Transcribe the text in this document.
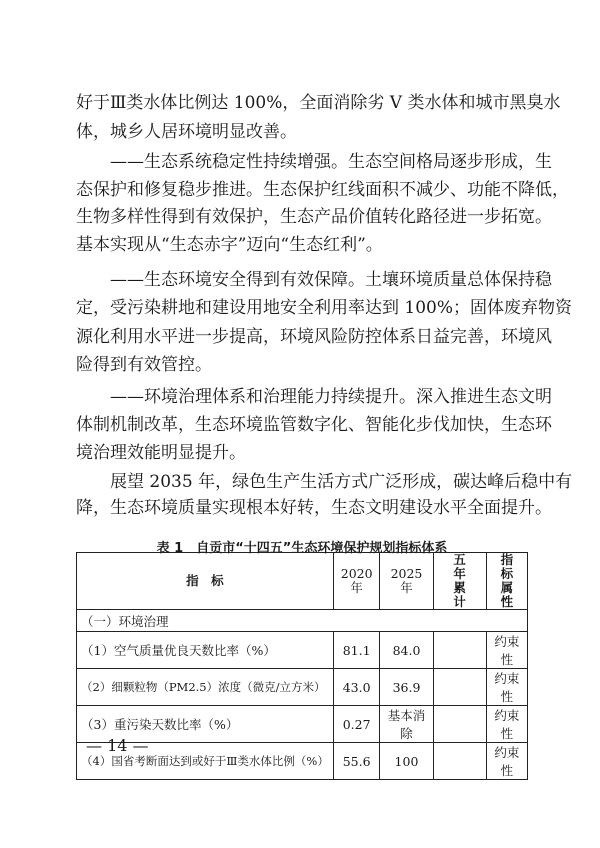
好于Ⅲ类水体比例达 100%，全面消除劣 V 类水体和城市黑臭水
体，城乡人居环境明显改善。
　　——生态系统稳定性持续增强。生态空间格局逐步形成，生
态保护和修复稳步推进。生态保护红线面积不减少、功能不降低，
生物多样性得到有效保护，生态产品价值转化路径进一步拓宽。
基本实现从“生态赤字”迈向“生态红利”。
　　——生态环境安全得到有效保障。土壤环境质量总体保持稳
定，受污染耕地和建设用地安全利用率达到 100%；固体废弃物资
源化利用水平进一步提高，环境风险防控体系日益完善，环境风
险得到有效管控。
　　——环境治理体系和治理能力持续提升。深入推进生态文明
体制机制改革，生态环境监管数字化、智能化步伐加快，生态环
境治理效能明显提升。
　　展望 2035 年，绿色生产生活方式广泛形成，碳达峰后稳中有
降，生态环境质量实现根本好转，生态文明建设水平全面提升。
表 1　自贡市“十四五”生态环境保护规划指标体系
指　标	2020 年	2025 年	五年累计	指标属性
（一）环境治理				
（1）空气质量优良天数比率（%）	81.1	84.0		约束性
（2）细颗粒物（PM2.5）浓度（微克/立方米）	43.0	36.9		约束性
（3）重污染天数比率（%）	0.27	基本消除		约束性
（4）国省考断面达到或好于Ⅲ类水体比例（%）	55.6	100		约束性
— 14 —
